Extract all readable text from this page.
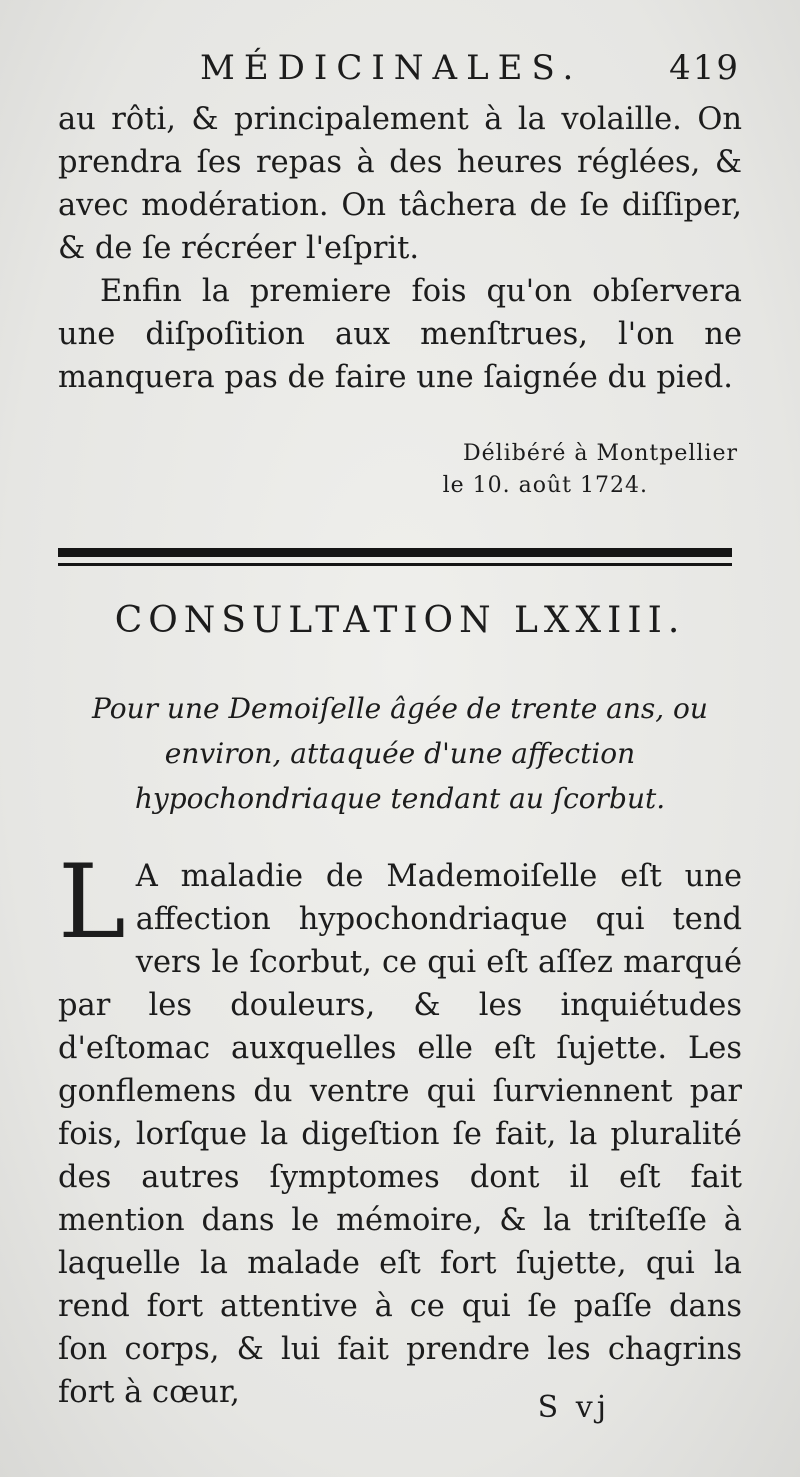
MÉDICINALES.	419

au rôti, & principalement à la volaille. On prendra ſes repas à des heures réglées, & avec modération. On tâchera de ſe diſſiper, & de ſe récréer l'eſprit.

Enfin la premiere fois qu'on obſervera une diſpoſition aux menſtrues, l'on ne manquera pas de faire une ſaignée du pied.

Délibéré à Montpellier
le 10. août 1724.
CONSULTATION LXXIII.
Pour une Demoiſelle âgée de trente ans, ou environ, attaquée d'une affection hypochondriaque tendant au ſcorbut.

L A maladie de Mademoiſelle eſt une affection hypochondriaque qui tend vers le ſcorbut, ce qui eſt aſſez marqué par les douleurs, & les inquiétudes d'eſtomac auxquelles elle eſt ſujette. Les gonflemens du ventre qui ſurviennent par fois, lorſque la digeſtion ſe fait, la pluralité des autres ſymptomes dont il eſt fait mention dans le mémoire, & la triſteſſe à laquelle la malade eſt fort ſujette, qui la rend fort attentive à ce qui ſe paſſe dans ſon corps, & lui fait prendre les chagrins fort à cœur,	S vj
